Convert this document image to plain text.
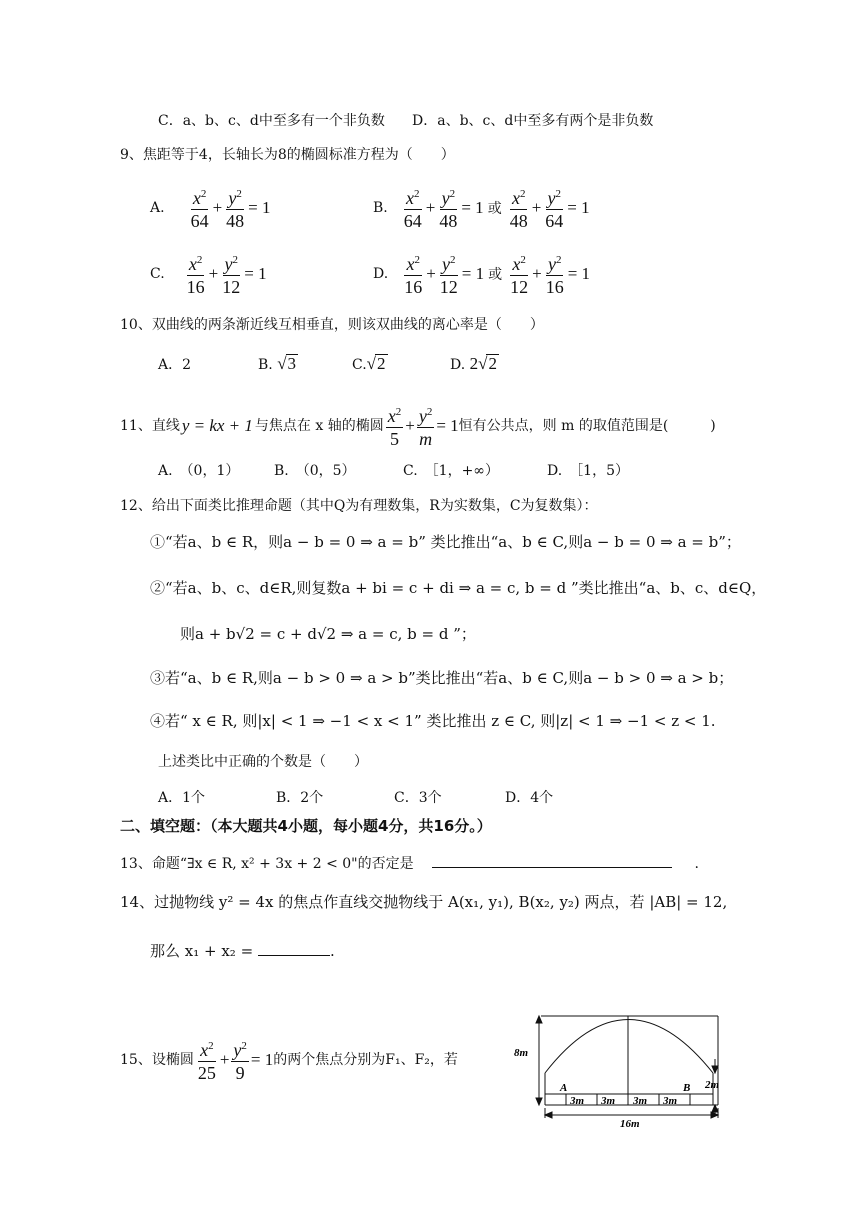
C．a、b、c、d中至多有一个非负数 D．a、b、c、d中至多有两个是非负数
9、焦距等于4，长轴长为8的椭圆标准方程为（　　）
A. $\frac{x^2}{64} + \frac{y^2}{48} = 1$	B. $\frac{x^2}{64} + \frac{y^2}{48} = 1$ 或 $\frac{x^2}{48} + \frac{y^2}{64} = 1$
C. $\frac{x^2}{16} + \frac{y^2}{12} = 1$	D. $\frac{x^2}{16} + \frac{y^2}{12} = 1$ 或 $\frac{x^2}{12} + \frac{y^2}{16} = 1$
10、双曲线的两条渐近线互相垂直，则该双曲线的离心率是（　　）
A．2	B. √3	C.√2	D. 2√2
11、直线 y = kx + 1 与焦点在 x 轴的椭圆 $\frac{x^2}{5} + \frac{y^2}{m} = 1$ 恒有公共点，则 m 的取值范围是(　　　)
A.　（0，1） B.　（0，5）	C.　［1，+∞）	D.　［1，5）
12、给出下面类比推理命题（其中Q为有理数集，R为实数集，C为复数集）：
①“若a、b ∈ R，则a − b = 0 ⇒ a = b” 类比推出“a、b ∈ C,则a − b = 0 ⇒ a = b”；
②“若a、b、c、d∈R,则复数a + bi = c + di ⇒ a = c, b = d ”类比推出“a、b、c、d∈Q，
则a + b√2 = c + d√2 ⇒ a = c, b = d ”；
③若“a、b ∈ R,则a − b > 0 ⇒ a > b”类比推出“若a、b ∈ C,则a − b > 0 ⇒ a > b；
④若“ x ∈ R, 则|x| < 1 ⇒ −1 < x < 1” 类比推出 z ∈ C, 则|z| < 1 ⇒ −1 < z < 1.
上述类比中正确的个数是（　　）
A．1个	B．2个	C．3个	D．4个
二、填空题：（本大题共4小题，每小题4分，共16分。）
13、命题“∃x ∈ R, x² + 3x + 2 < 0"的否定是	.
14、过抛物线 y² = 4x 的焦点作直线交抛物线于 A(x₁, y₁), B(x₂, y₂) 两点，若 |AB| = 12,
那么 x₁ + x₂ =	.
15、设椭圆 $\frac{x^2}{25} + \frac{y^2}{9} = 1$ 的两个焦点分别为F₁、F₂，若	8m
2m
A	B
3m 3m 3m 3m
16m
